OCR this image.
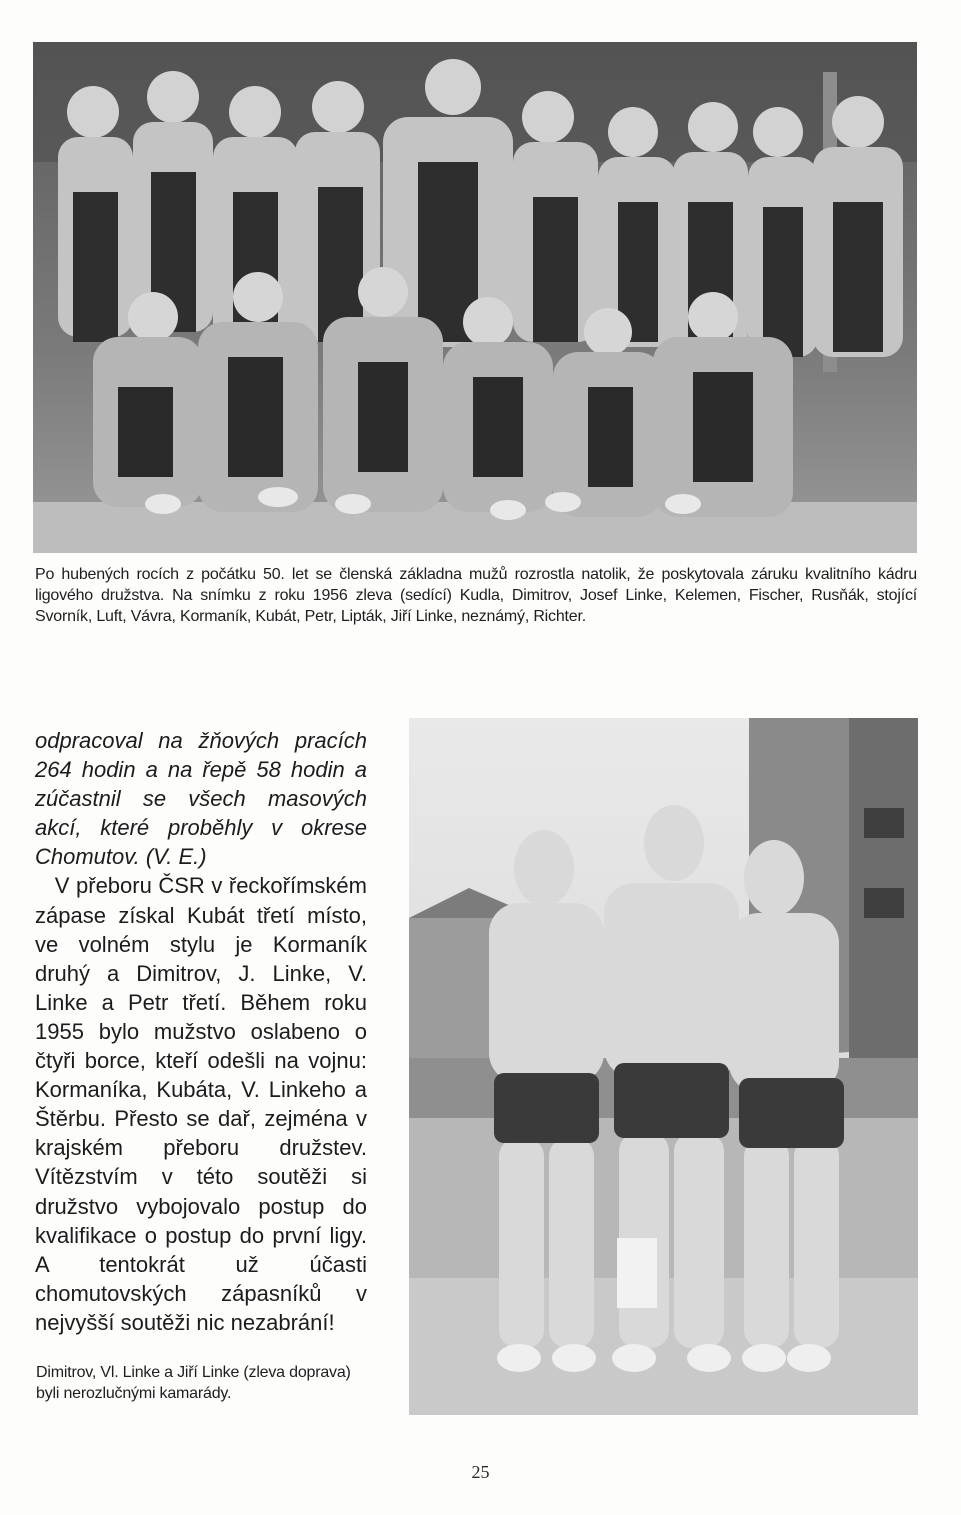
Po hubených rocích z počátku 50. let se členská základna mužů rozrostla natolik, že poskytovala záruku kvalitního kádru ligového družstva. Na snímku z roku 1956 zleva (sedící) Kudla, Dimitrov, Josef Linke, Kelemen, Fischer, Rusňák, stojící Svorník, Luft, Vávra, Kormaník, Kubát, Petr, Lipták, Jiří Linke, neznámý, Richter.

odpracoval na žňových pracích 264 hodin a na řepě 58 hodin a zúčastnil se všech masových akcí, které proběhly v okrese Chomutov. (V. E.)

V přeboru ČSR v řeckořímském zápase získal Kubát třetí místo, ve volném stylu je Kormaník druhý a Dimitrov, J. Linke, V. Linke a Petr třetí. Během roku 1955 bylo mužstvo oslabeno o čtyři borce, kteří odešli na vojnu: Kormaníka, Kubáta, V. Linkeho a Štěrbu. Přesto se dař, zejména v krajském přeboru družstev. Vítězstvím v této soutěži si družstvo vybojovalo postup do kvalifikace o postup do první ligy. A tentokrát už účasti chomutovských zápasníků v nejvyšší soutěži nic nezabrání!

Dimitrov, Vl. Linke a Jiří Linke (zleva doprava) byli nerozlučnými kamarády.

25
